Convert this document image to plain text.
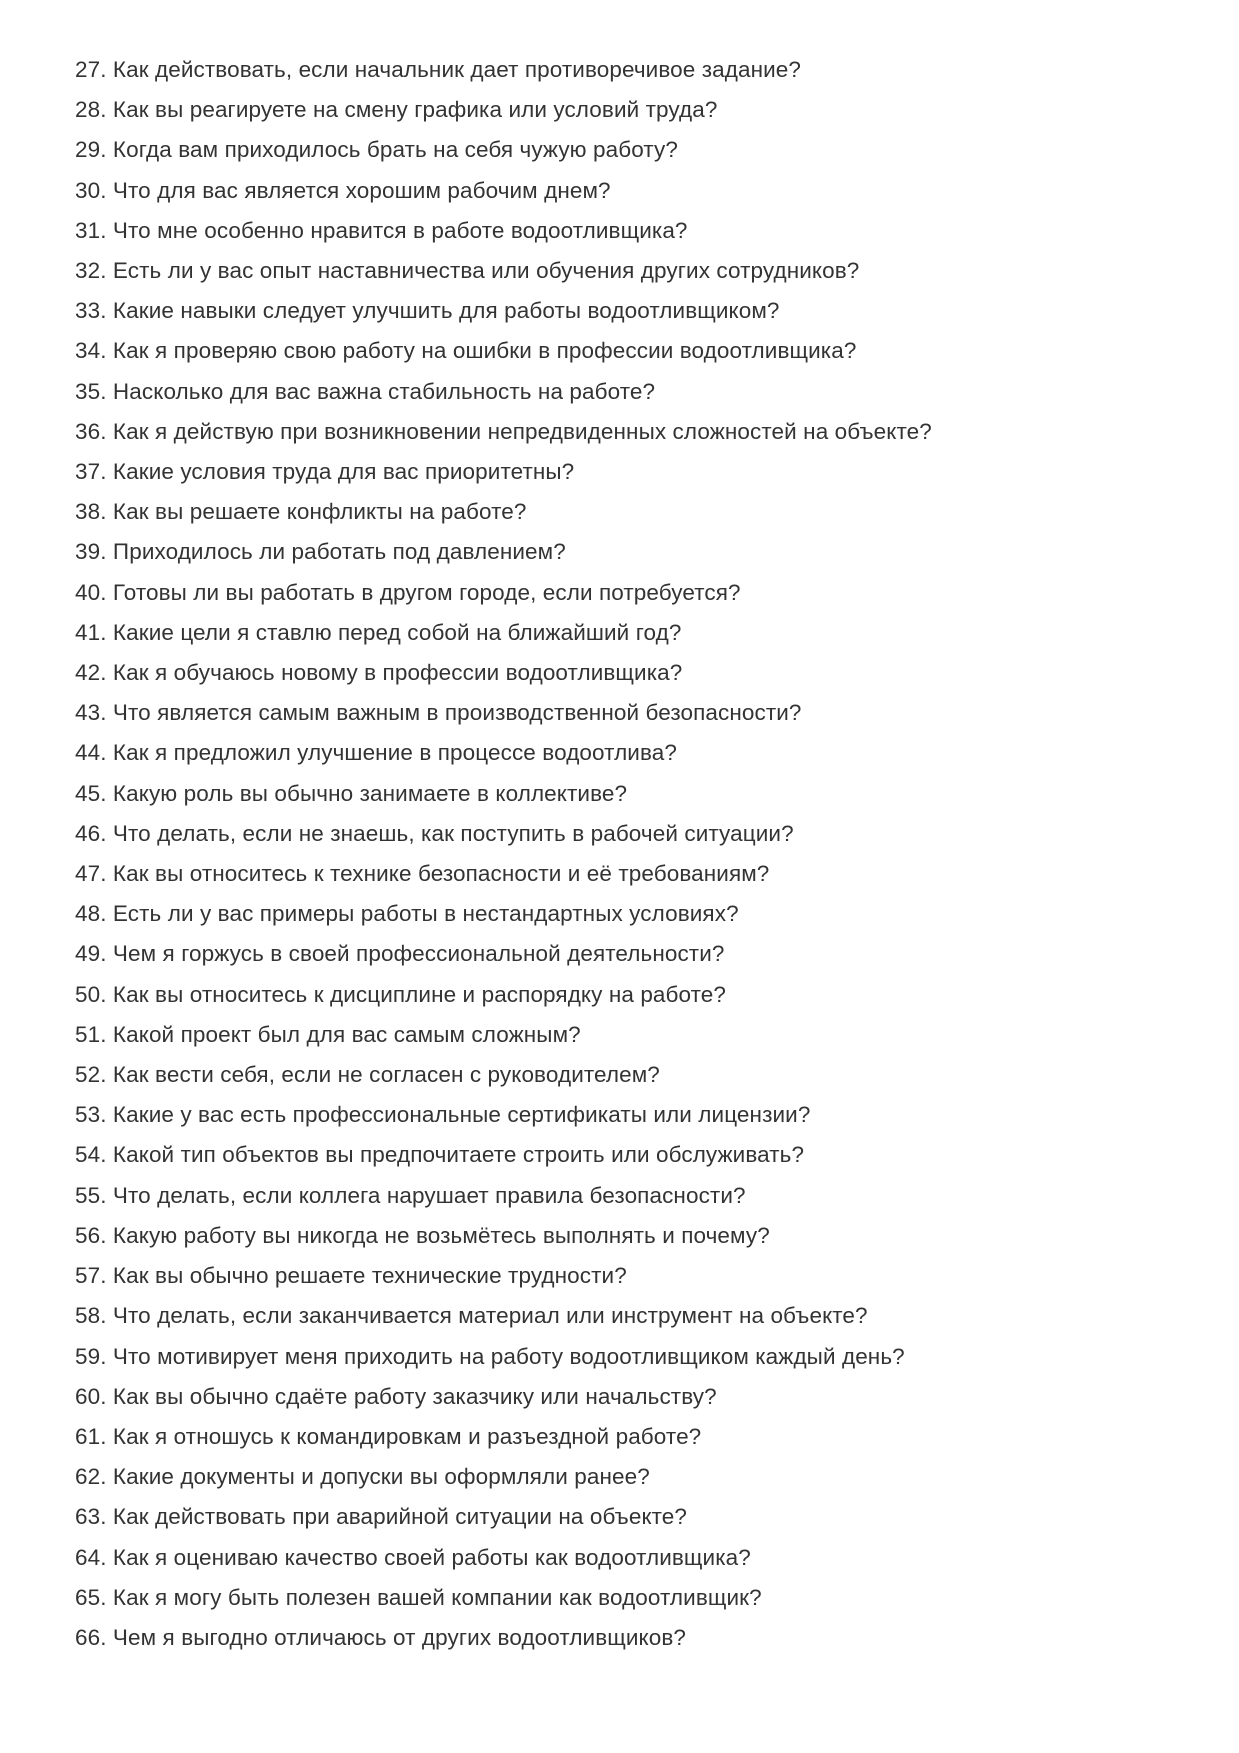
27. Как действовать, если начальник дает противоречивое задание?
28. Как вы реагируете на смену графика или условий труда?
29. Когда вам приходилось брать на себя чужую работу?
30. Что для вас является хорошим рабочим днем?
31. Что мне особенно нравится в работе водоотливщика?
32. Есть ли у вас опыт наставничества или обучения других сотрудников?
33. Какие навыки следует улучшить для работы водоотливщиком?
34. Как я проверяю свою работу на ошибки в профессии водоотливщика?
35. Насколько для вас важна стабильность на работе?
36. Как я действую при возникновении непредвиденных сложностей на объекте?
37. Какие условия труда для вас приоритетны?
38. Как вы решаете конфликты на работе?
39. Приходилось ли работать под давлением?
40. Готовы ли вы работать в другом городе, если потребуется?
41. Какие цели я ставлю перед собой на ближайший год?
42. Как я обучаюсь новому в профессии водоотливщика?
43. Что является самым важным в производственной безопасности?
44. Как я предложил улучшение в процессе водоотлива?
45. Какую роль вы обычно занимаете в коллективе?
46. Что делать, если не знаешь, как поступить в рабочей ситуации?
47. Как вы относитесь к технике безопасности и её требованиям?
48. Есть ли у вас примеры работы в нестандартных условиях?
49. Чем я горжусь в своей профессиональной деятельности?
50. Как вы относитесь к дисциплине и распорядку на работе?
51. Какой проект был для вас самым сложным?
52. Как вести себя, если не согласен с руководителем?
53. Какие у вас есть профессиональные сертификаты или лицензии?
54. Какой тип объектов вы предпочитаете строить или обслуживать?
55. Что делать, если коллега нарушает правила безопасности?
56. Какую работу вы никогда не возьмётесь выполнять и почему?
57. Как вы обычно решаете технические трудности?
58. Что делать, если заканчивается материал или инструмент на объекте?
59. Что мотивирует меня приходить на работу водоотливщиком каждый день?
60. Как вы обычно сдаёте работу заказчику или начальству?
61. Как я отношусь к командировкам и разъездной работе?
62. Какие документы и допуски вы оформляли ранее?
63. Как действовать при аварийной ситуации на объекте?
64. Как я оцениваю качество своей работы как водоотливщика?
65. Как я могу быть полезен вашей компании как водоотливщик?
66. Чем я выгодно отличаюсь от других водоотливщиков?
